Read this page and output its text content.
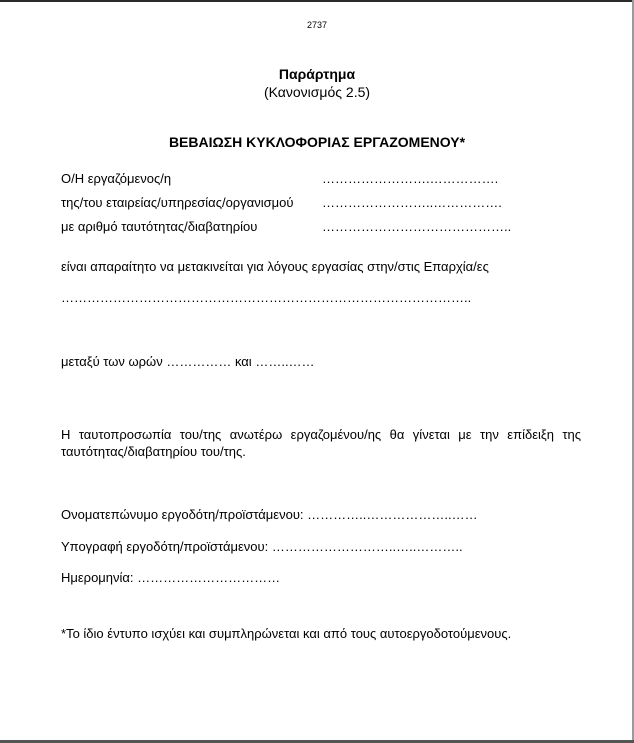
2737
Παράρτημα
(Κανονισμός 2.5)
ΒΕΒΑΙΩΣΗ ΚΥΚΛΟΦΟΡΙΑΣ ΕΡΓΑΖΟΜΕΝΟΥ*
Ο/Η εργαζόμενος/η	…………………….…………….
της/του εταιρείας/υπηρεσίας/οργανισμού ……………………..…………….
με αριθμό ταυτότητας/διαβατηρίου	……………………………………..
είναι απαραίτητο να μετακινείται για λόγους εργασίας στην/στις Επαρχία/ες
…………………………………………………………………………………..
μεταξύ των ωρών …………… και ……..……
Η ταυτοπροσωπία του/της ανωτέρω εργαζομένου/ης θα γίνεται με την επίδειξη της ταυτότητας/διαβατηρίου του/της.
Ονοματεπώνυμο εργοδότη/προϊστάμενου: …………..………………..……
Υπογραφή εργοδότη/προϊστάμενου: ………………………..…..………..
Ημερομηνία: ……………………………
*Το ίδιο έντυπο ισχύει και συμπληρώνεται και από τους αυτοεργοδοτούμενους.
